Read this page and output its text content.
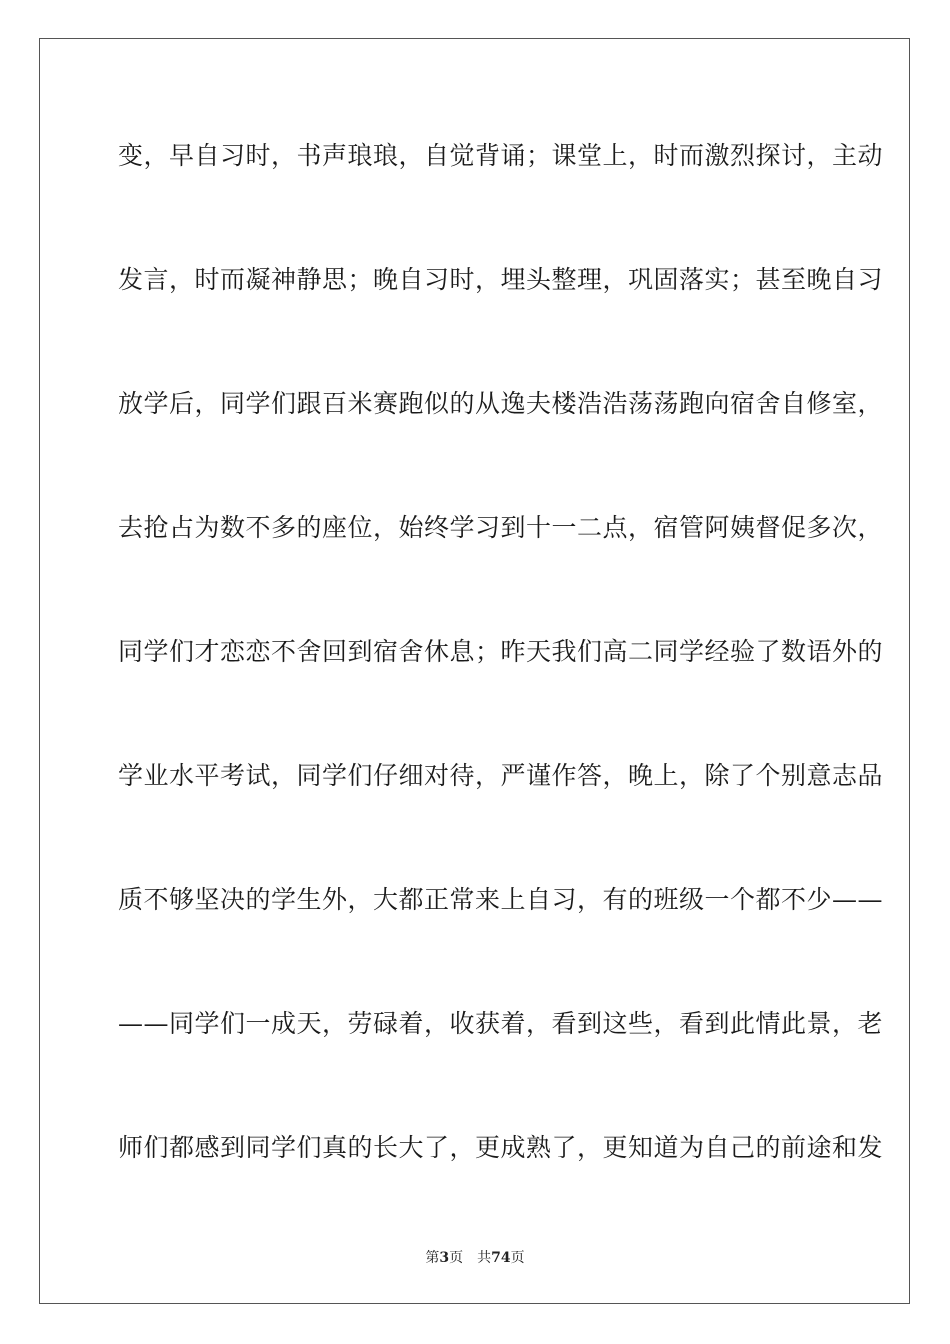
变，早自习时，书声琅琅，自觉背诵；课堂上，时而激烈探讨，主动
发言，时而凝神静思；晚自习时，埋头整理，巩固落实；甚至晚自习
放学后，同学们跟百米赛跑似的从逸夫楼浩浩荡荡跑向宿舍自修室，
去抢占为数不多的座位，始终学习到十一二点，宿管阿姨督促多次，
同学们才恋恋不舍回到宿舍休息；昨天我们高二同学经验了数语外的
学业水平考试，同学们仔细对待，严谨作答，晚上，除了个别意志品
质不够坚决的学生外，大都正常来上自习，有的班级一个都不少——
——同学们一成天，劳碌着，收获着，看到这些，看到此情此景，老
师们都感到同学们真的长大了，更成熟了，更知道为自己的前途和发
第3页 共74页
